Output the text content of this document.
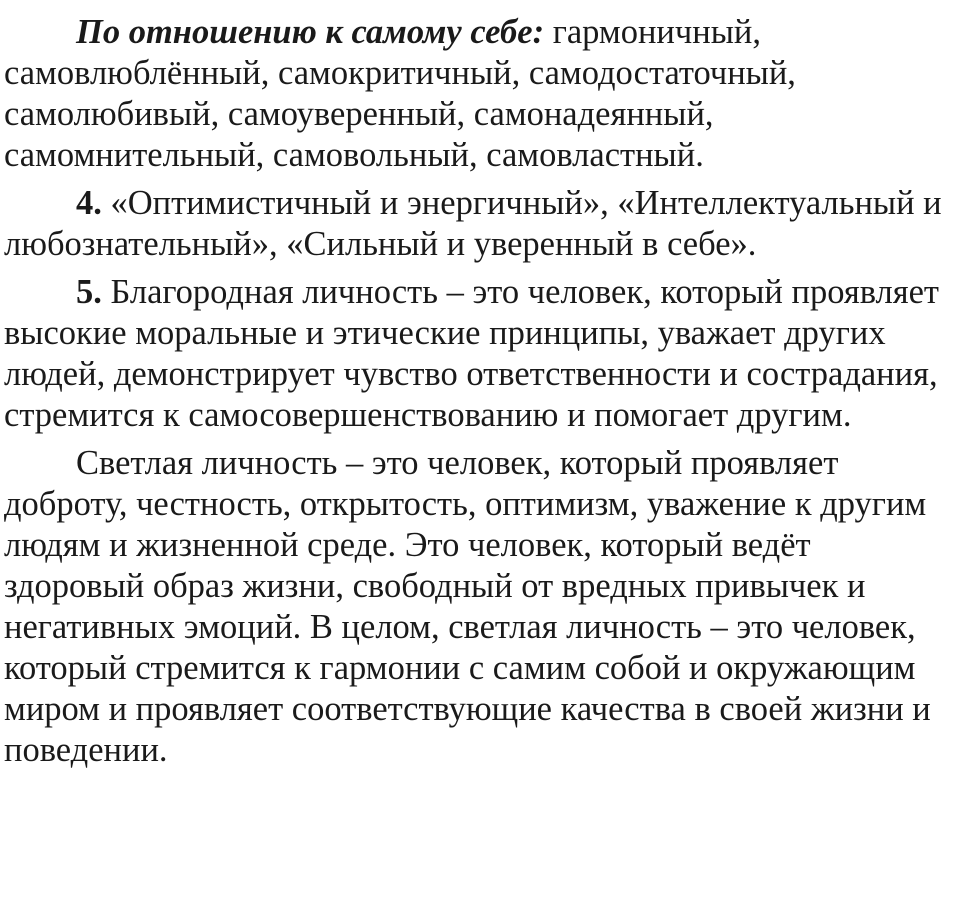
По отношению к самому себе: гармоничный, самовлюблённый, самокритичный, самодостаточный, самолюбивый, самоуверенный, самонадеянный, самомнительный, самовольный, самовластный.

4. «Оптимистичный и энергичный», «Интеллектуальный и любознательный», «Сильный и уверенный в себе».

5. Благородная личность – это человек, который проявляет высокие моральные и этические принципы, уважает других людей, демонстрирует чувство ответственности и сострадания, стремится к самосовершенствованию и помогает другим.

Светлая личность – это человек, который проявляет доброту, честность, открытость, оптимизм, уважение к другим людям и жизненной среде. Это человек, который ведёт здоровый образ жизни, свободный от вредных привычек и негативных эмоций. В целом, светлая личность – это человек, который стремится к гармонии с самим собой и окружающим миром и проявляет соответствующие качества в своей жизни и поведении.
